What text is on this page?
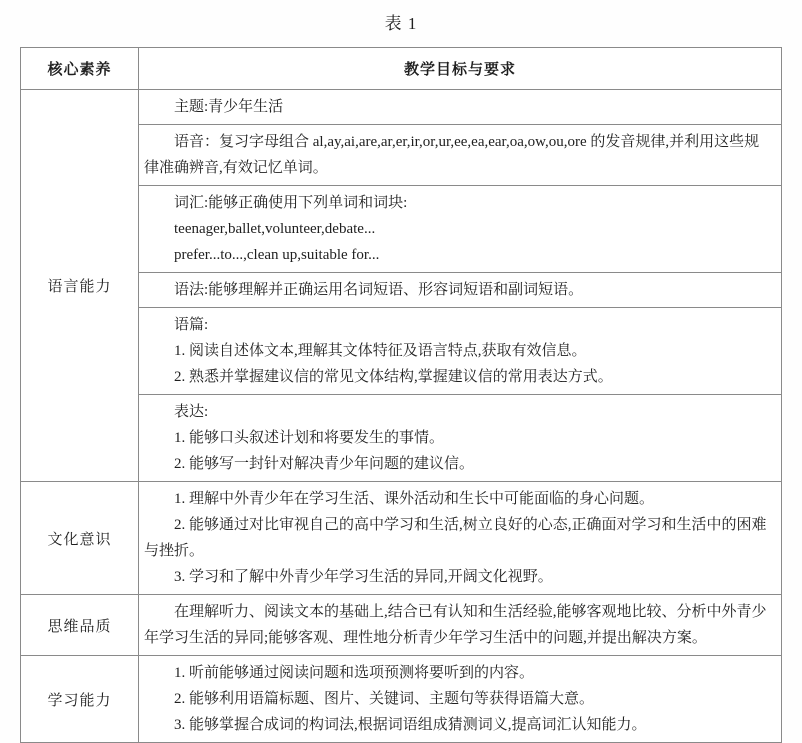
表 1
核心素养	教学目标与要求
语言能力	主题:青少年生活

	语音：复习字母组合 al,ay,ai,are,ar,er,ir,or,ur,ee,ea,ear,oa,ow,ou,ore 的发音规律,并利用这些规律准确辨音,有效记忆单词。

	词汇:能够正确使用下列单词和词块:

teenager,ballet,volunteer,debate...

prefer...to...,clean up,suitable for...

	语法:能够理解并正确运用名词短语、形容词短语和副词短语。

	语篇:

1. 阅读自述体文本,理解其文体特征及语言特点,获取有效信息。

2. 熟悉并掌握建议信的常见文体结构,掌握建议信的常用表达方式。

	表达:

1. 能够口头叙述计划和将要发生的事情。

2. 能够写一封针对解决青少年问题的建议信。

文化意识	1. 理解中外青少年在学习生活、课外活动和生长中可能面临的身心问题。

2. 能够通过对比审视自己的高中学习和生活,树立良好的心态,正确面对学习和生活中的困难与挫折。

3. 学习和了解中外青少年学习生活的异同,开阔文化视野。

思维品质	在理解听力、阅读文本的基础上,结合已有认知和生活经验,能够客观地比较、分析中外青少年学习生活的异同;能够客观、理性地分析青少年学习生活中的问题,并提出解决方案。

学习能力	1. 听前能够通过阅读问题和选项预测将要听到的内容。

2. 能够利用语篇标题、图片、关键词、主题句等获得语篇大意。

3. 能够掌握合成词的构词法,根据词语组成猜测词义,提高词汇认知能力。
